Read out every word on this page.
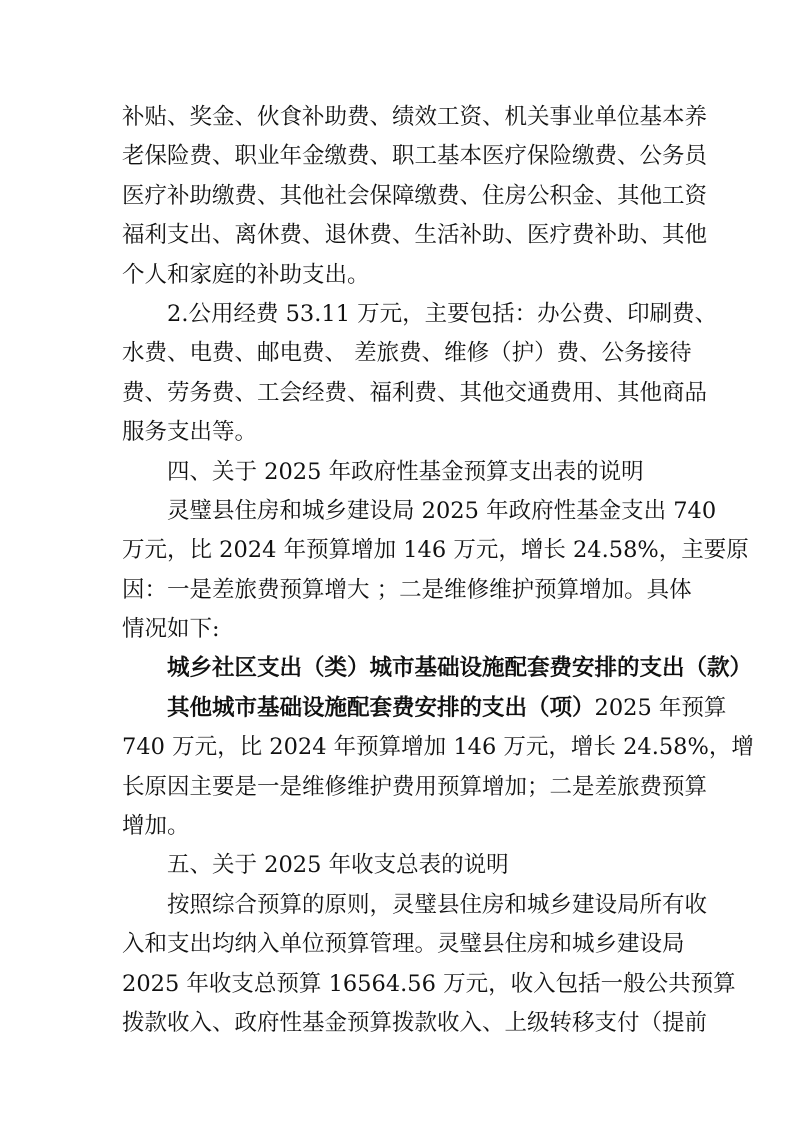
补贴、奖金、伙食补助费、绩效工资、机关事业单位基本养
老保险费、职业年金缴费、职工基本医疗保险缴费、公务员
医疗补助缴费、其他社会保障缴费、住房公积金、其他工资
福利支出、离休费、退休费、生活补助、医疗费补助、其他
个人和家庭的补助支出。
2.公用经费 53.11 万元，主要包括：办公费、印刷费、
水费、电费、邮电费、 差旅费、维修（护）费、公务接待
费、劳务费、工会经费、福利费、其他交通费用、其他商品
服务支出等。
四、关于 2025 年政府性基金预算支出表的说明
灵璧县住房和城乡建设局 2025 年政府性基金支出 740
万元，比 2024 年预算增加 146 万元，增长 24.58%，主要原
因：一是差旅费预算增大 ；二是维修维护预算增加。具体
情况如下:
城乡社区支出（类）城市基础设施配套费安排的支出（款）
其他城市基础设施配套费安排的支出（项）2025 年预算
740 万元，比 2024 年预算增加 146 万元，增长 24.58%，增
长原因主要是一是维修维护费用预算增加；二是差旅费预算
增加。
五、关于 2025 年收支总表的说明
按照综合预算的原则，灵璧县住房和城乡建设局所有收
入和支出均纳入单位预算管理。灵璧县住房和城乡建设局
2025 年收支总预算 16564.56 万元，收入包括一般公共预算
拨款收入、政府性基金预算拨款收入、上级转移支付（提前
